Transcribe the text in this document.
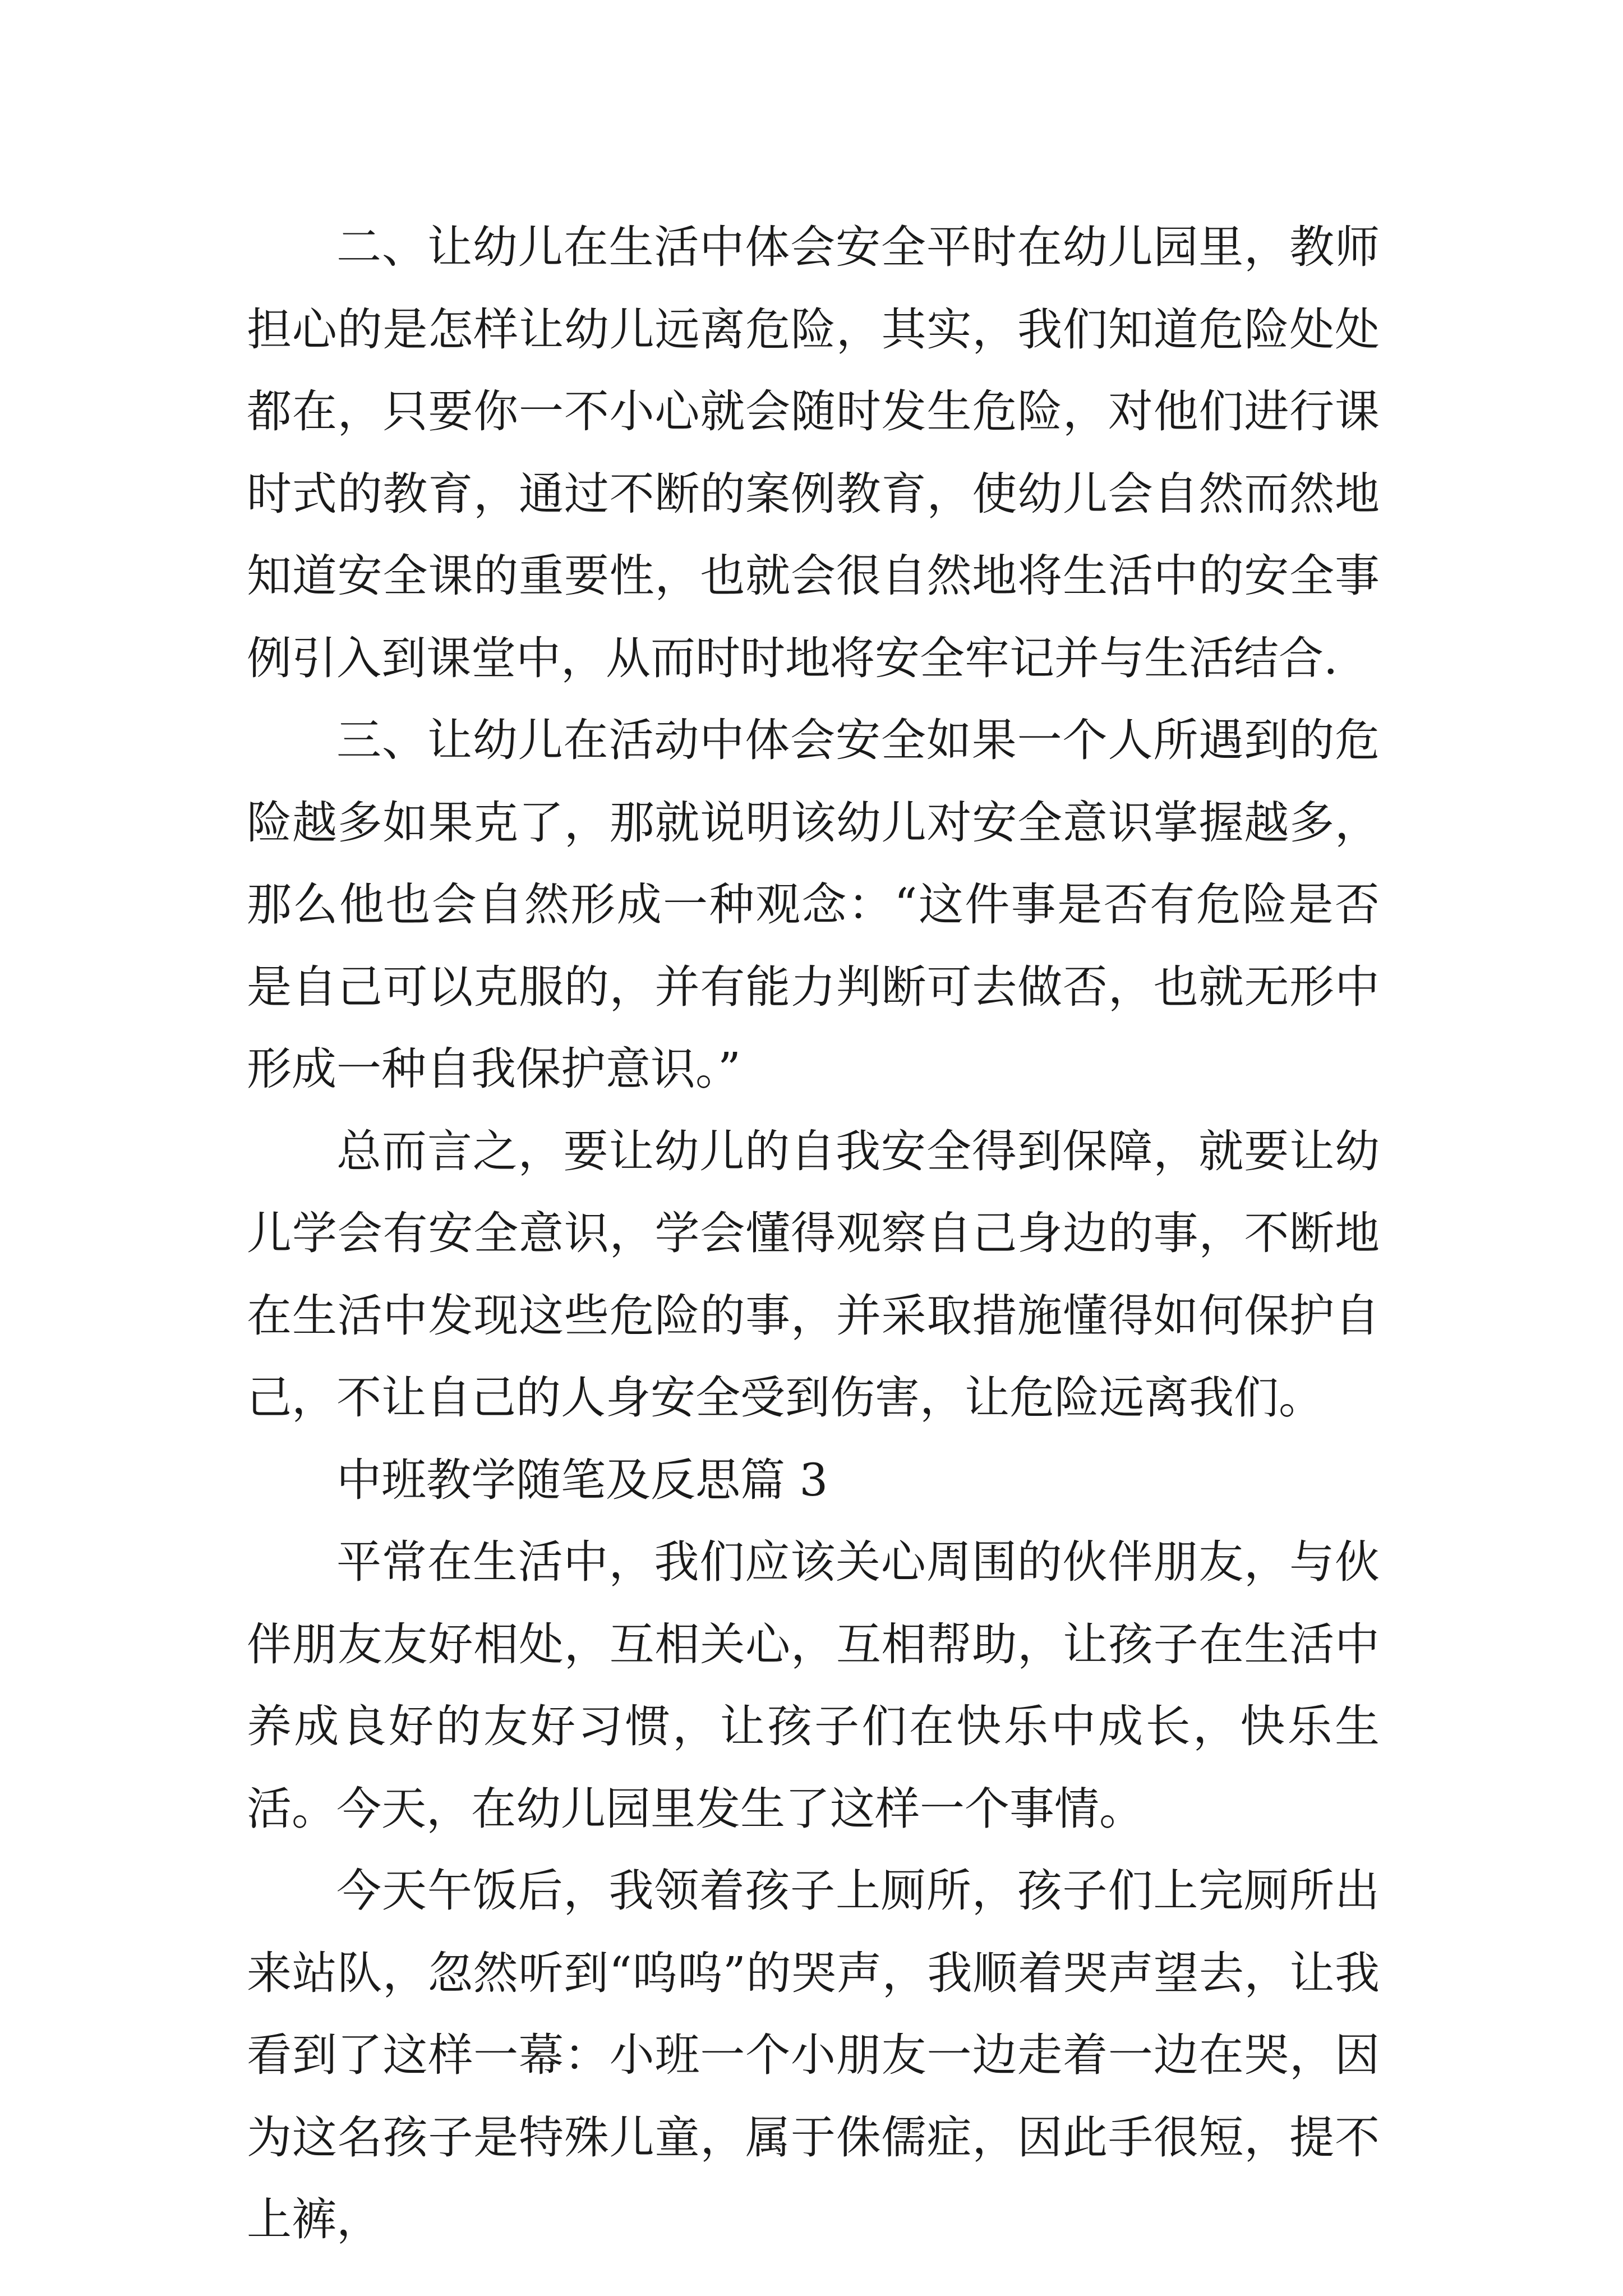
二、让幼儿在生活中体会安全平时在幼儿园里，教师担心的是怎样让幼儿远离危险，其实，我们知道危险处处都在，只要你一不小心就会随时发生危险，对他们进行课时式的教育，通过不断的案例教育，使幼儿会自然而然地知道安全课的重要性，也就会很自然地将生活中的安全事例引入到课堂中，从而时时地将安全牢记并与生活结合.

三、让幼儿在活动中体会安全如果一个人所遇到的危险越多如果克了，那就说明该幼儿对安全意识掌握越多，那么他也会自然形成一种观念：“这件事是否有危险是否是自己可以克服的，并有能力判断可去做否，也就无形中形成一种自我保护意识。”

总而言之，要让幼儿的自我安全得到保障，就要让幼儿学会有安全意识，学会懂得观察自己身边的事，不断地在生活中发现这些危险的事，并采取措施懂得如何保护自己，不让自己的人身安全受到伤害，让危险远离我们。

中班教学随笔及反思篇 3

平常在生活中，我们应该关心周围的伙伴朋友，与伙伴朋友友好相处，互相关心，互相帮助，让孩子在生活中养成良好的友好习惯，让孩子们在快乐中成长，快乐生活。今天，在幼儿园里发生了这样一个事情。

今天午饭后，我领着孩子上厕所，孩子们上完厕所出来站队，忽然听到“呜呜”的哭声，我顺着哭声望去，让我看到了这样一幕：小班一个小朋友一边走着一边在哭，因为这名孩子是特殊儿童，属于侏儒症，因此手很短，提不上裤，
